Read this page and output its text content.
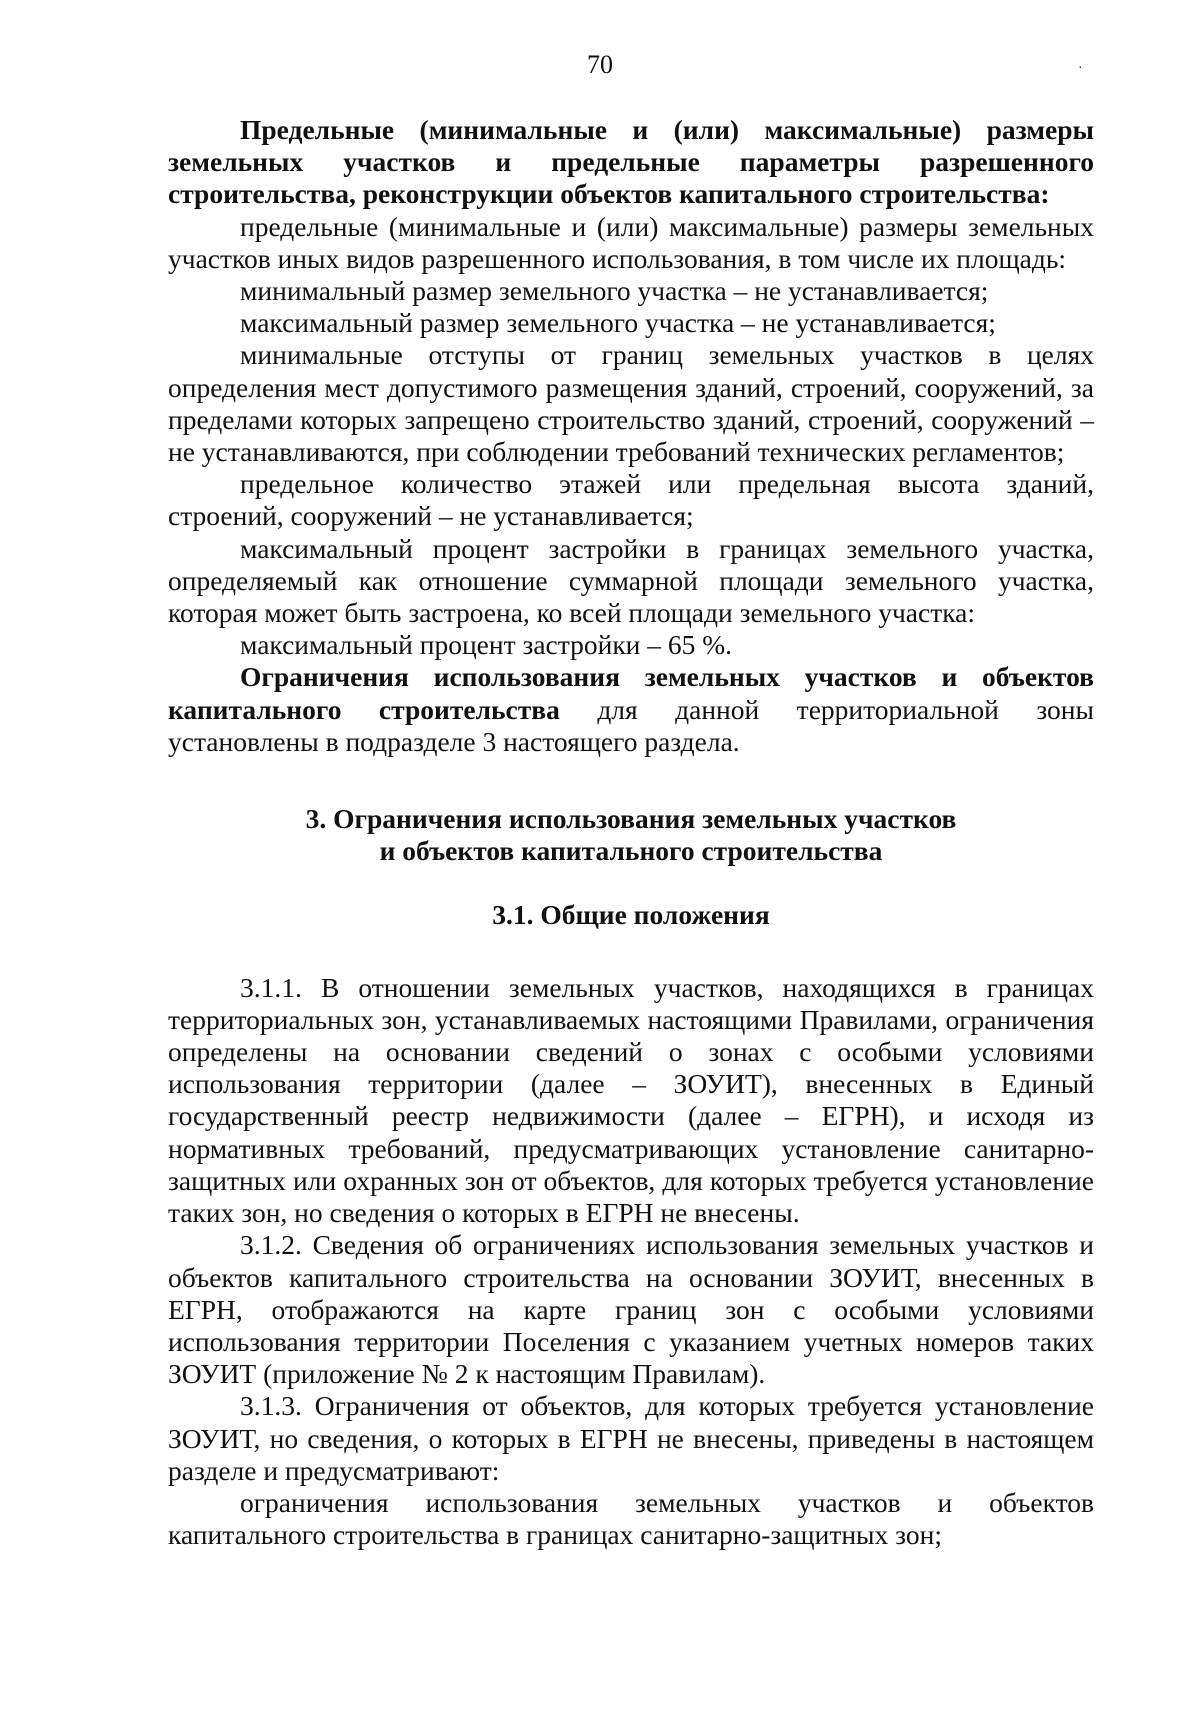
70	·

Предельные (минимальные и (или) максимальные) размеры земельных участков и предельные параметры разрешенного строительства, реконструкции объектов капитального строительства:

предельные (минимальные и (или) максимальные) размеры земельных участков иных видов разрешенного использования, в том числе их площадь:

минимальный размер земельного участка – не устанавливается;

максимальный размер земельного участка – не устанавливается;

минимальные отступы от границ земельных участков в целях определения мест допустимого размещения зданий, строений, сооружений, за пределами которых запрещено строительство зданий, строений, сооружений – не устанавливаются, при соблюдении требований технических регламентов;

предельное количество этажей или предельная высота зданий, строений, сооружений – не устанавливается;

максимальный процент застройки в границах земельного участка, определяемый как отношение суммарной площади земельного участка, которая может быть застроена, ко всей площади земельного участка:

максимальный процент застройки – 65 %.

Ограничения использования земельных участков и объектов капитального строительства для данной территориальной зоны установлены в подразделе 3 настоящего раздела.

3. Ограничения использования земельных участков

и объектов капитального строительства

3.1. Общие положения

3.1.1. В отношении земельных участков, находящихся в границах территориальных зон, устанавливаемых настоящими Правилами, ограничения определены на основании сведений о зонах с особыми условиями использования территории (далее – ЗОУИТ), внесенных в Единый государственный реестр недвижимости (далее – ЕГРН), и исходя из нормативных требований, предусматривающих установление санитарно-защитных или охранных зон от объектов, для которых требуется установление таких зон, но сведения о которых в ЕГРН не внесены.

3.1.2. Сведения об ограничениях использования земельных участков и объектов капитального строительства на основании ЗОУИТ, внесенных в ЕГРН, отображаются на карте границ зон с особыми условиями использования территории Поселения с указанием учетных номеров таких ЗОУИТ (приложение № 2 к настоящим Правилам).

3.1.3. Ограничения от объектов, для которых требуется установление ЗОУИТ, но сведения, о которых в ЕГРН не внесены, приведены в настоящем разделе и предусматривают:

ограничения использования земельных участков и объектов капитального строительства в границах санитарно-защитных зон;
